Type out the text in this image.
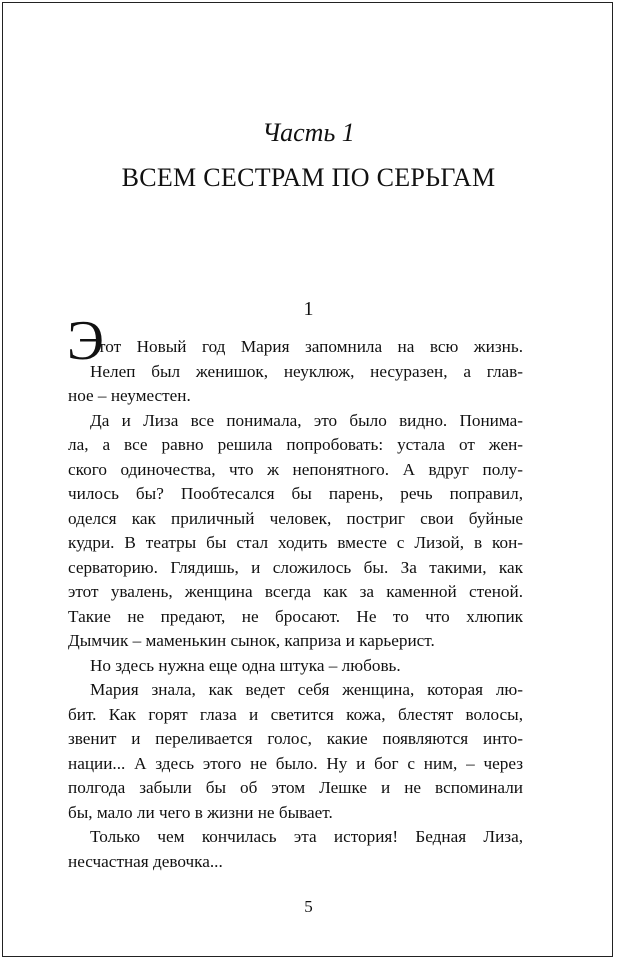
Часть 1
ВСЕМ СЕСТРАМ ПО СЕРЬГАМ
1
Э
тот Новый год Мария запомнила на всю жизнь.
Нелеп был женишок, неуклюж, несуразен, а глав-
ное – неуместен.
Да и Лиза все понимала, это было видно. Понима-
ла, а все равно решила попробовать: устала от жен-
ского одиночества, что ж непонятного. А вдруг полу-
чилось бы? Пообтесался бы парень, речь поправил,
оделся как приличный человек, постриг свои буйные
кудри. В театры бы стал ходить вместе с Лизой, в кон-
серваторию. Глядишь, и сложилось бы. За такими, как
этот увалень, женщина всегда как за каменной стеной.
Такие не предают, не бросают. Не то что хлюпик
Дымчик – маменькин сынок, каприза и карьерист.
Но здесь нужна еще одна штука – любовь.
Мария знала, как ведет себя женщина, которая лю-
бит. Как горят глаза и светится кожа, блестят волосы,
звенит и переливается голос, какие появляются инто-
нации... А здесь этого не было. Ну и бог с ним, – через
полгода забыли бы об этом Лешке и не вспоминали
бы, мало ли чего в жизни не бывает.
Только чем кончилась эта история! Бедная Лиза,
несчастная девочка...
5
